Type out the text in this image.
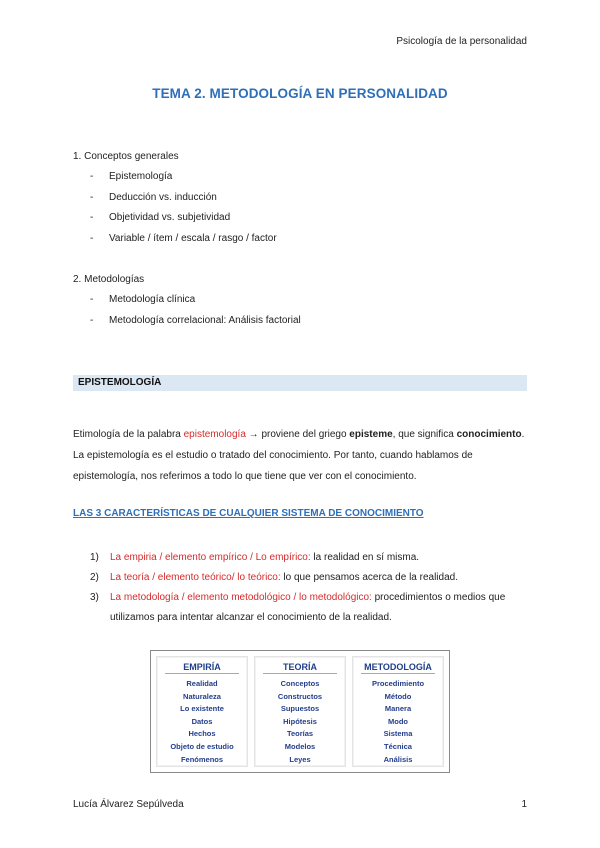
Psicología de la personalidad
TEMA 2. METODOLOGÍA EN PERSONALIDAD
1. Conceptos generales
- Epistemología
- Deducción vs. inducción
- Objetividad vs. subjetividad
- Variable / ítem / escala / rasgo / factor
2. Metodologías
- Metodología clínica
- Metodología correlacional: Análisis factorial
EPISTEMOLOGÍA
Etimología de la palabra epistemología → proviene del griego episteme, que significa conocimiento. La epistemología es el estudio o tratado del conocimiento. Por tanto, cuando hablamos de epistemología, nos referimos a todo lo que tiene que ver con el conocimiento.
LAS 3 CARACTERÍSTICAS DE CUALQUIER SISTEMA DE CONOCIMIENTO
1) La empiria / elemento empírico / Lo empírico: la realidad en sí misma.
2) La teoría / elemento teórico/ lo teórico: lo que pensamos acerca de la realidad.
3) La metodología / elemento metodológico / lo metodológico: procedimientos o medios que utilizamos para intentar alcanzar el conocimiento de la realidad.
EMPIRÍA
Realidad
Naturaleza
Lo existente
Datos
Hechos
Objeto de estudio
Fenómenos
TEORÍA
Conceptos
Constructos
Supuestos
Hipótesis
Teorías
Modelos
Leyes
METODOLOGÍA
Procedimiento
Método
Manera
Modo
Sistema
Técnica
Análisis
Lucía Álvarez Sepúlveda	1
